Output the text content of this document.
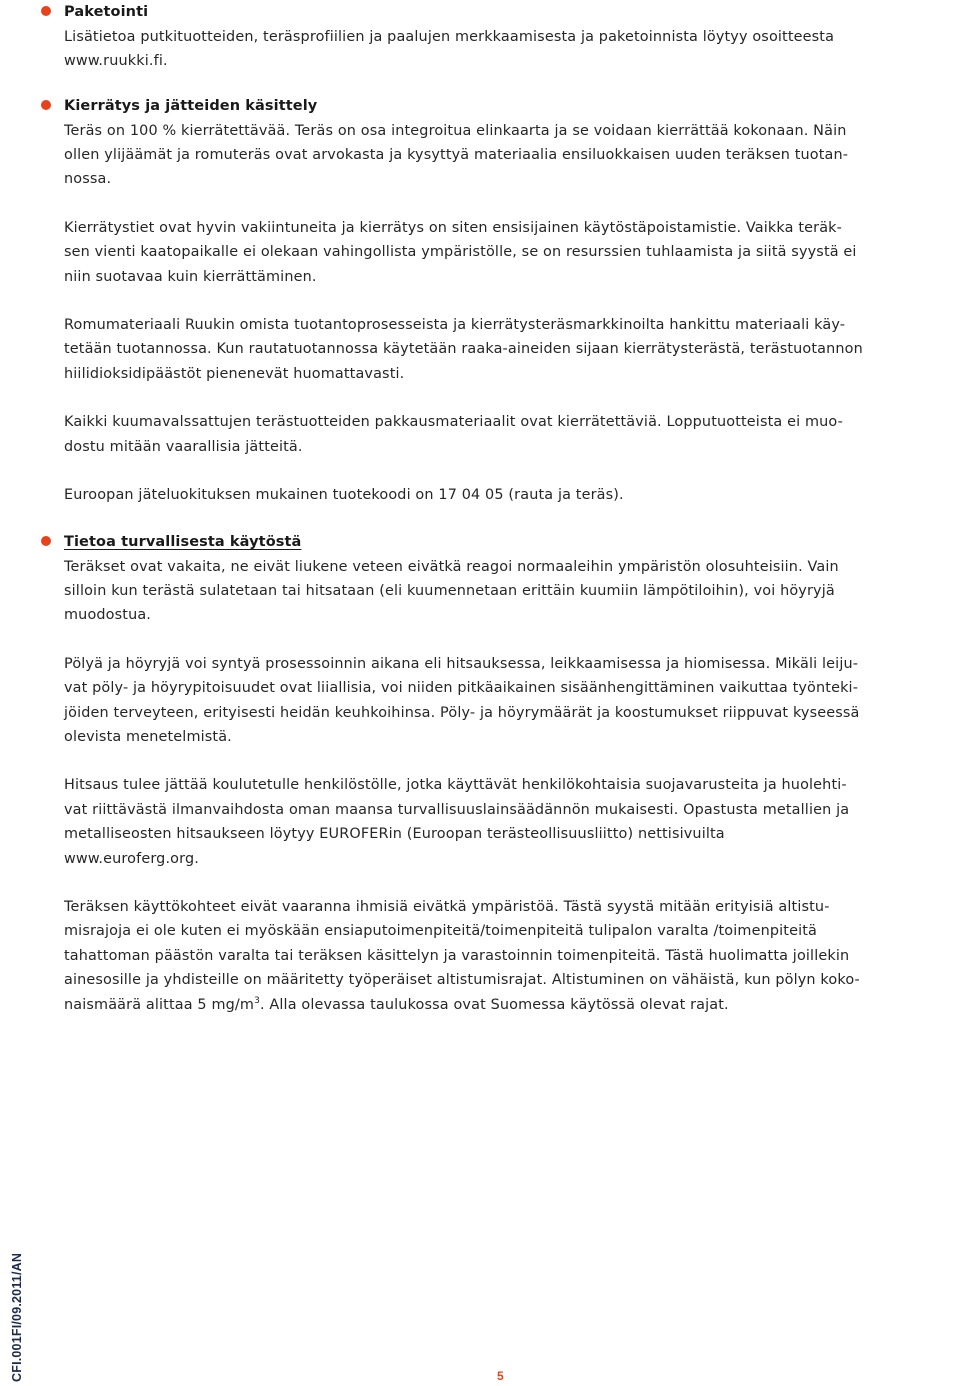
Paketointi

Lisätietoa putkituotteiden, teräsprofiilien ja paalujen merkkaamisesta ja paketoinnista löytyy osoitteesta
www.ruukki.fi.

Kierrätys ja jätteiden käsittely

Teräs on 100 % kierrätettävää. Teräs on osa integroitua elinkaarta ja se voidaan kierrättää kokonaan. Näin
ollen ylijäämät ja romuteräs ovat arvokasta ja kysyttyä materiaalia ensiluokkaisen uuden teräksen tuotan-
nossa.

Kierrätystiet ovat hyvin vakiintuneita ja kierrätys on siten ensisijainen käytöstäpoistamistie. Vaikka teräk-
sen vienti kaatopaikalle ei olekaan vahingollista ympäristölle, se on resurssien tuhlaamista ja siitä syystä ei
niin suotavaa kuin kierrättäminen.

Romumateriaali Ruukin omista tuotantoprosesseista ja kierrätysteräsmarkkinoilta hankittu materiaali käy-
tetään tuotannossa. Kun rautatuotannossa käytetään raaka-aineiden sijaan kierrätysterästä, terästuotannon
hiilidioksidipäästöt pienenevät huomattavasti.

Kaikki kuumavalssattujen terästuotteiden pakkausmateriaalit ovat kierrätettäviä. Lopputuotteista ei muo-
dostu mitään vaarallisia jätteitä.

Euroopan jäteluokituksen mukainen tuotekoodi on 17 04 05 (rauta ja teräs).

Tietoa turvallisesta käytöstä

Teräkset ovat vakaita, ne eivät liukene veteen eivätkä reagoi normaaleihin ympäristön olosuhteisiin. Vain
silloin kun terästä sulatetaan tai hitsataan (eli kuumennetaan erittäin kuumiin lämpötiloihin), voi höyryjä
muodostua.

Pölyä ja höyryjä voi syntyä prosessoinnin aikana eli hitsauksessa, leikkaamisessa ja hiomisessa. Mikäli leiju-
vat pöly- ja höyrypitoisuudet ovat liiallisia, voi niiden pitkäaikainen sisäänhengittäminen vaikuttaa työnteki-
jöiden terveyteen, erityisesti heidän keuhkoihinsa. Pöly- ja höyrymäärät ja koostumukset riippuvat kyseessä
olevista menetelmistä.

Hitsaus tulee jättää koulutetulle henkilöstölle, jotka käyttävät henkilökohtaisia suojavarusteita ja huolehti-
vat riittävästä ilmanvaihdosta oman maansa turvallisuuslainsäädännön mukaisesti. Opastusta metallien ja
metalliseosten hitsaukseen löytyy EUROFERin (Euroopan terästeollisuusliitto) nettisivuilta
www.euroferg.org.

Teräksen käyttökohteet eivät vaaranna ihmisiä eivätkä ympäristöä. Tästä syystä mitään erityisiä altistu-
misrajoja ei ole kuten ei myöskään ensiaputoimenpiteitä/toimenpiteitä tulipalon varalta /toimenpiteitä
tahattoman päästön varalta tai teräksen käsittelyn ja varastoinnin toimenpiteitä. Tästä huolimatta joillekin
ainesosille ja yhdisteille on määritetty työperäiset altistumisrajat. Altistuminen on vähäistä, kun pölyn koko-
naismäärä alittaa 5 $mg/m^3$. Alla olevassa taulukossa ovat Suomessa käytössä olevat rajat.

CFI.001FI/09.2011/AN	5
